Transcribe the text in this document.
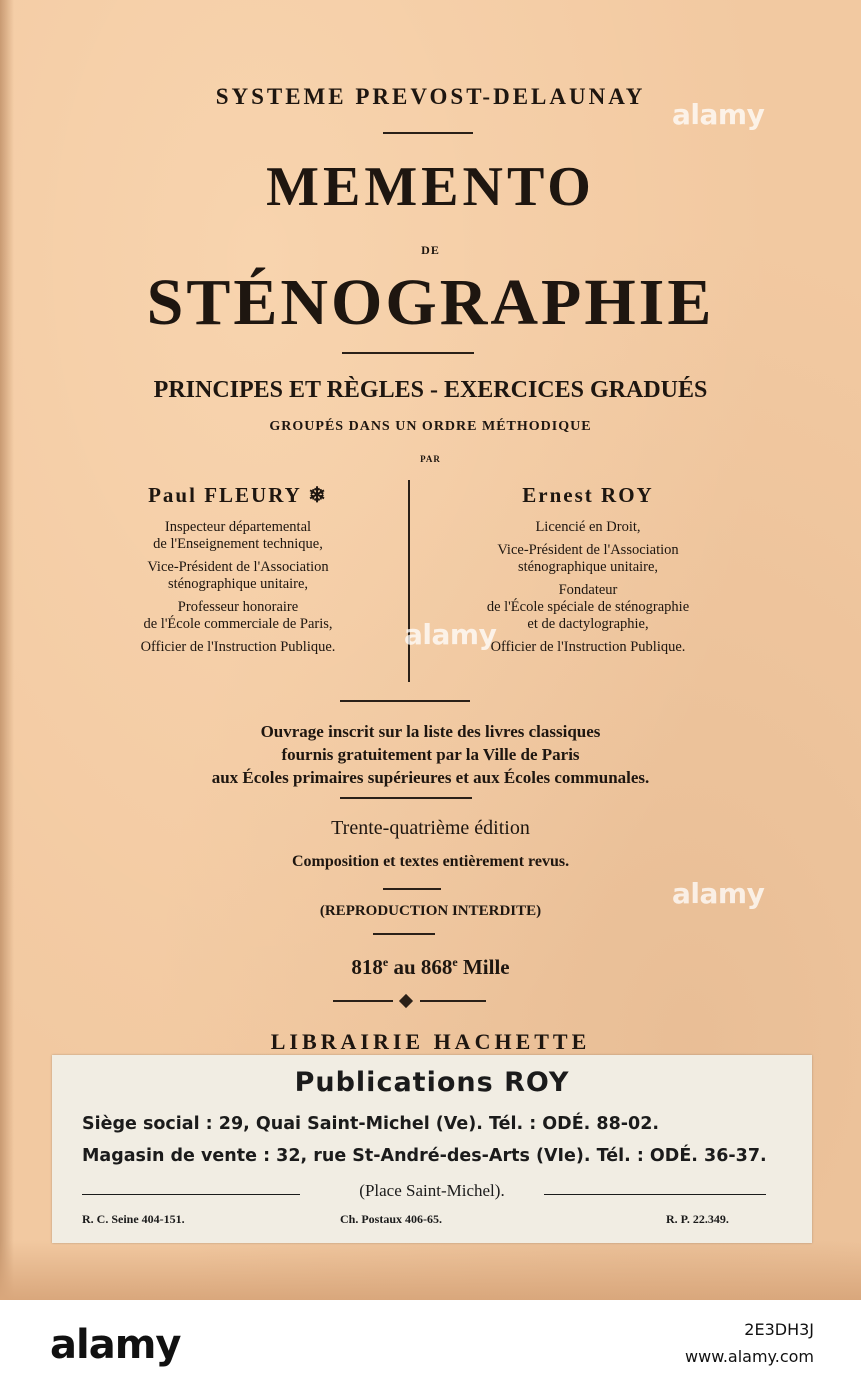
SYSTEME PREVOST-DELAUNAY
MEMENTO
DE
STÉNOGRAPHIE
PRINCIPES ET RÈGLES - EXERCICES GRADUÉS
GROUPÉS DANS UN ORDRE MÉTHODIQUE
PAR
Paul FLEURY ❄
Inspecteur départemental
de l'Enseignement technique,
Vice-Président de l'Association
sténographique unitaire,
Professeur honoraire
de l'École commerciale de Paris,
Officier de l'Instruction Publique.
Ernest ROY
Licencié en Droit,
Vice-Président de l'Association
sténographique unitaire,
Fondateur
de l'École spéciale de sténographie
et de dactylographie,
Officier de l'Instruction Publique.
Ouvrage inscrit sur la liste des livres classiques
fournis gratuitement par la Ville de Paris
aux Écoles primaires supérieures et aux Écoles communales.
Trente-quatrième édition
Composition et textes entièrement revus.
(REPRODUCTION INTERDITE)
818e au 868e Mille
LIBRAIRIE HACHETTE
Publications ROY
Siège social : 29, Quai Saint-Michel (Ve). Tél. : ODÉ. 88-02.
Magasin de vente : 32, rue St-André-des-Arts (VIe). Tél. : ODÉ. 36-37.
(Place Saint-Michel).
R. C. Seine 404-151.	Ch. Postaux 406-65.	R. P. 22.349.
alamy
alamy
alamy
alamy	2E3DH3J
www.alamy.com
